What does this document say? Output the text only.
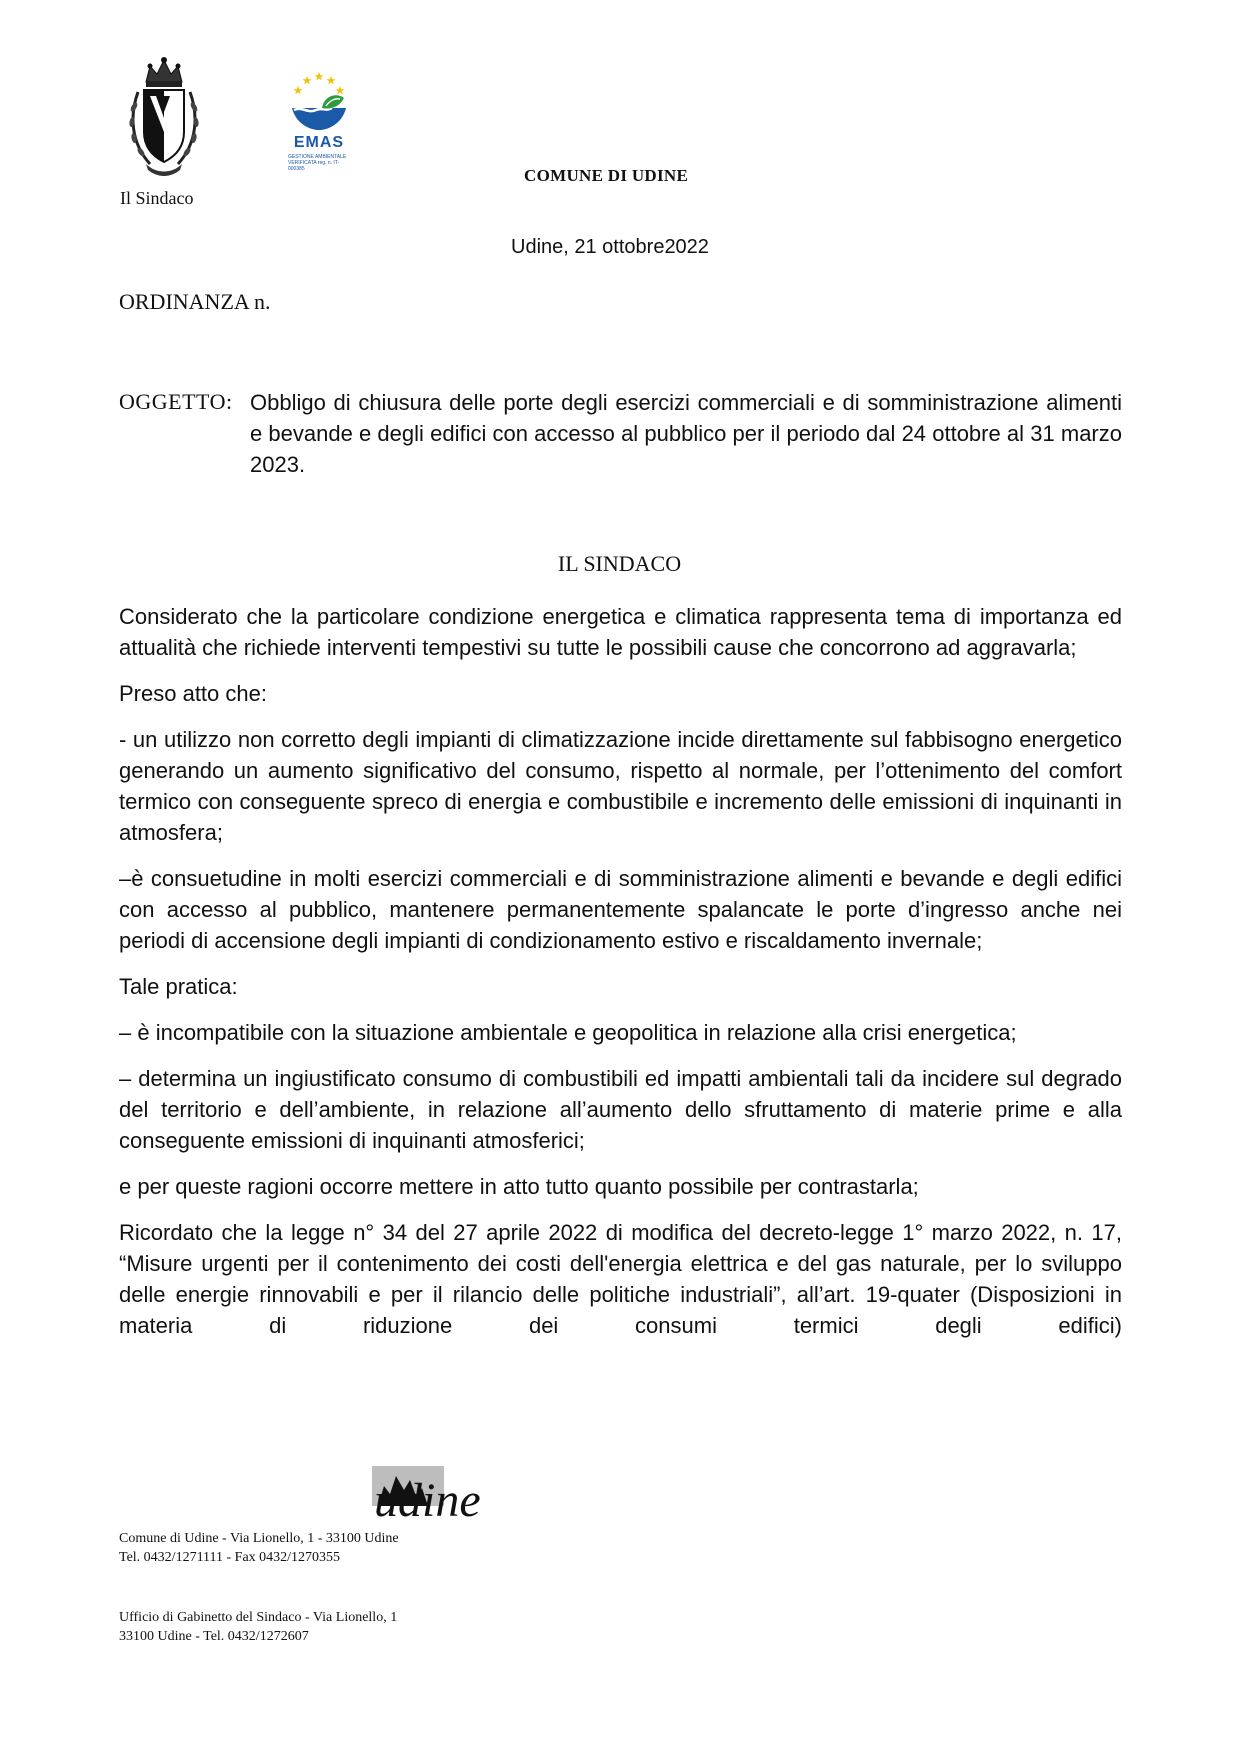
EMAS
GESTIONE AMBIENTALE VERIFICATA reg. n. IT-000385
Il Sindaco
COMUNE DI UDINE
Udine, 21 ottobre2022
ORDINANZA n.
OGGETTO: Obbligo di chiusura delle porte degli esercizi commerciali e di somministrazione alimenti e bevande e degli edifici con accesso al pubblico per il periodo dal 24 ottobre al 31 marzo 2023.
IL SINDACO

Considerato che la particolare condizione energetica e climatica rappresenta tema di importanza ed attualità che richiede interventi tempestivi su tutte le possibili cause che concorrono ad aggravarla;

Preso atto che:

- un utilizzo non corretto degli impianti di climatizzazione incide direttamente sul fabbisogno energetico generando un aumento significativo del consumo, rispetto al normale, per l’ottenimento del comfort termico con conseguente spreco di energia e combustibile e incremento delle emissioni di inquinanti in atmosfera;

–è consuetudine in molti esercizi commerciali e di somministrazione alimenti e bevande e degli edifici con accesso al pubblico, mantenere permanentemente spalancate le porte d’ingresso anche nei periodi di accensione degli impianti di condizionamento estivo e riscaldamento invernale;

Tale pratica:

– è incompatibile con la situazione ambientale e geopolitica in relazione alla crisi energetica;

– determina un ingiustificato consumo di combustibili ed impatti ambientali tali da incidere sul degrado del territorio e dell’ambiente, in relazione all’aumento dello sfruttamento di materie prime e alla conseguente emissioni di inquinanti atmosferici;

e per queste ragioni occorre mettere in atto tutto quanto possibile per contrastarla;

Ricordato che la legge n° 34 del 27 aprile 2022 di modifica del decreto-legge 1° marzo 2022, n. 17, “Misure urgenti per il contenimento dei costi dell'energia elettrica e del gas naturale, per lo sviluppo delle energie rinnovabili e per il rilancio delle politiche industriali”, all’art. 19-quater (Disposizioni in materia di riduzione dei consumi termici degli edifici)

udine
Comune di Udine - Via Lionello, 1 - 33100 Udine
Tel. 0432/1271111 - Fax 0432/1270355
Ufficio di Gabinetto del Sindaco - Via Lionello, 1
33100 Udine - Tel. 0432/1272607
